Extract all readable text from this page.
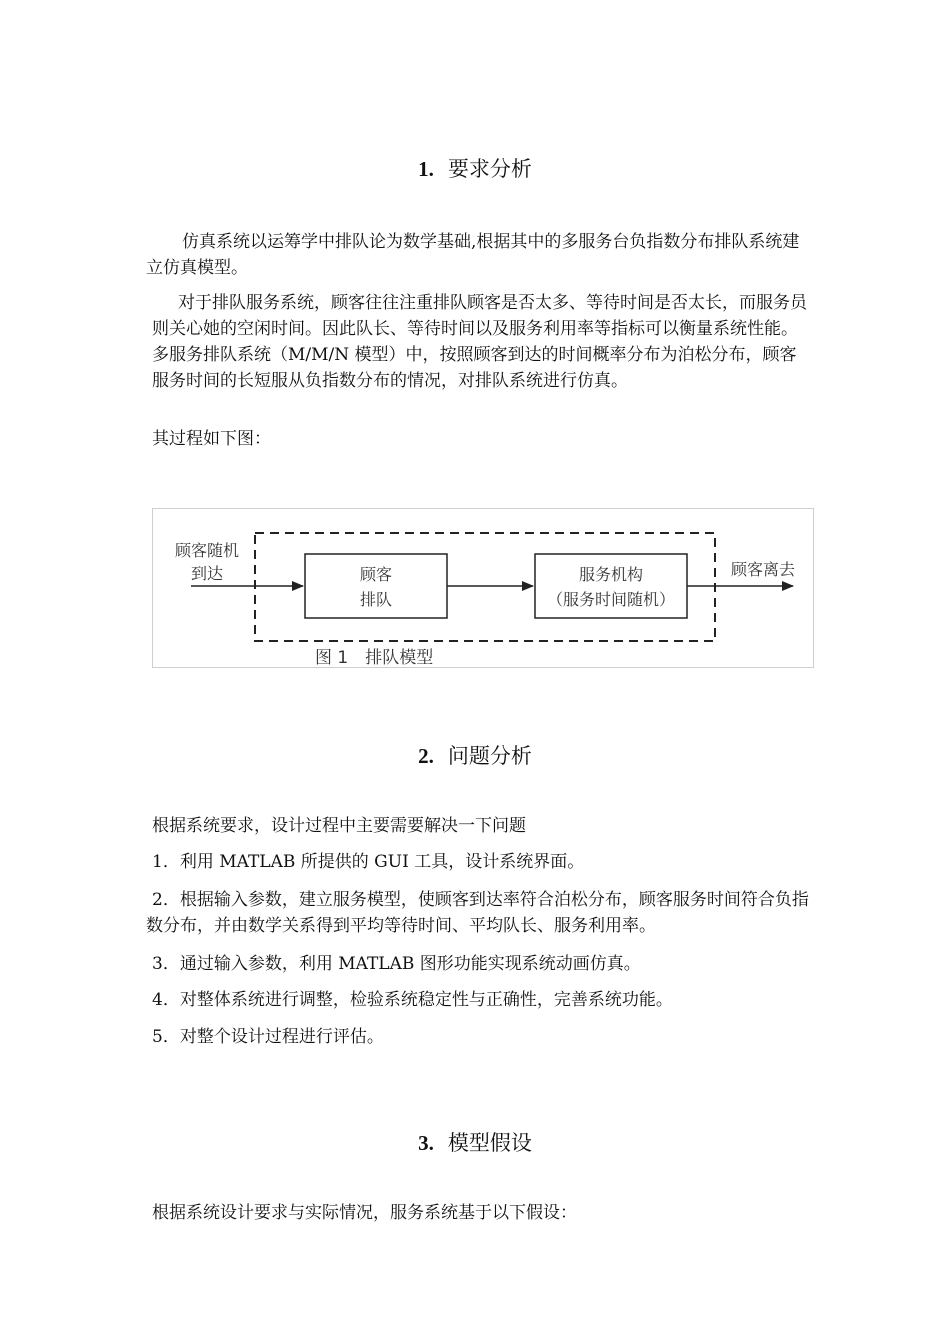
1. 要求分析

仿真系统以运筹学中排队论为数学基础,根据其中的多服务台负指数分布排队系统建立仿真模型。

对于排队服务系统，顾客往往注重排队顾客是否太多、等待时间是否太长，而服务员则关心她的空闲时间。因此队长、等待时间以及服务利用率等指标可以衡量系统性能。多服务排队系统（M/M/N 模型）中，按照顾客到达的时间概率分布为泊松分布，顾客服务时间的长短服从负指数分布的情况，对排队系统进行仿真。

其过程如下图：

顾客随机
到达	顾客
排队
服务机构
（服务时间随机）
顾客离去
图 1　排队模型
2. 问题分析

根据系统要求，设计过程中主要需要解决一下问题

1．利用 MATLAB 所提供的 GUI 工具，设计系统界面。

2．根据输入参数，建立服务模型，使顾客到达率符合泊松分布，顾客服务时间符合负指数分布，并由数学关系得到平均等待时间、平均队长、服务利用率。

3．通过输入参数，利用 MATLAB 图形功能实现系统动画仿真。

4．对整体系统进行调整，检验系统稳定性与正确性，完善系统功能。

5．对整个设计过程进行评估。

3. 模型假设

根据系统设计要求与实际情况，服务系统基于以下假设：
